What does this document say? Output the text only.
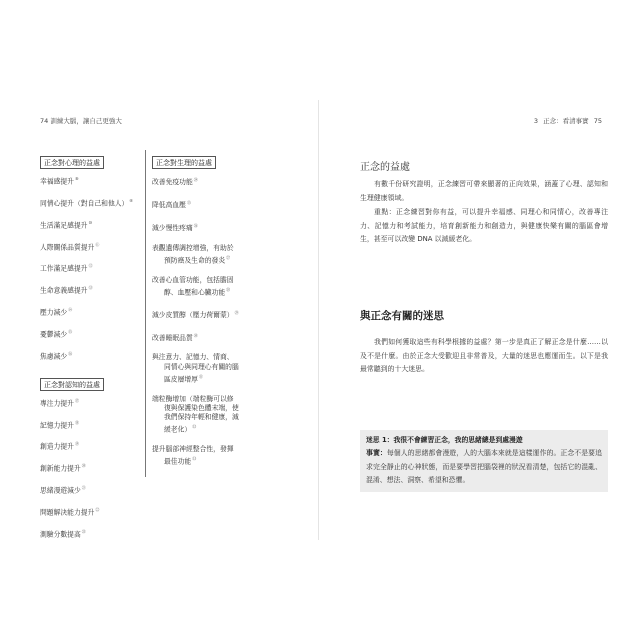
74 訓練大腦，讓自己更強大
正念對心理的益處
幸福感提升⑧
同情心提升（對自己和他人）⑨
生活滿足感提升⑩
人際關係品質提升⑪
工作滿足感提升⑫
生命意義感提升⑬
壓力減少⑭
憂鬱減少⑮
焦慮減少⑯
正念對認知的益處
專注力提升⑰
記憶力提升⑱
創造力提升⑲
創新能力提升⑳
思緒漫遊減少$^㉑$
問題解決能力提升$^㉒$
測驗分數提高$^㉓$
正念對生理的益處
改善免疫功能$^㉔$
降低高血壓$^㉕$
減少慢性疼痛$^㉖$
表觀遺傳調控增強，有助於
預防癌及生命的發炎$^㉗$
改善心血管功能，包括膽固
醇、血壓和心臟功能$^㉘$
減少皮質醇（壓力荷爾蒙）$^㉙$
改善睡眠品質$^㉚$
與注意力、記憶力、情商、
同情心與同理心有關的腦
區皮層增厚$^㉛$
端粒酶增加（端粒酶可以修
復與保護染色體末端，使
我們保持年輕和健康，減
緩老化）$^㉜$
提升腦部神經整合性，發揮
最佳功能$^㉝$
3 正念：看清事實 75
正念的益處

有數千份研究證明，正念練習可帶來顯著的正向效果，涵蓋了心理、認知和生理健康領域。

重點：正念練習對你有益，可以提升幸福感、同理心和同情心，改善專注力、記憶力和考試能力，培育創新能力和創造力，與健康快樂有關的腦區會增生，甚至可以改變 DNA 以減緩老化。

與正念有關的迷思

我們如何獲取這些有科學根據的益處？第一步是真正了解正念是什麼……以及不是什麼。由於正念大受歡迎且非常普及，大量的迷思也應運而生。以下是我最常聽到的十大迷思。

迷思 1：我很不會練習正念，我的思緒總是到處漫遊
事實：每個人的思緒都會漫遊，人的大腦本來就是這樣運作的。正念不是要追求完全靜止的心神狀態，而是要學習把腦袋裡的狀況看清楚，包括它的混亂、混淆、想法、洞察、希望和恐懼。
